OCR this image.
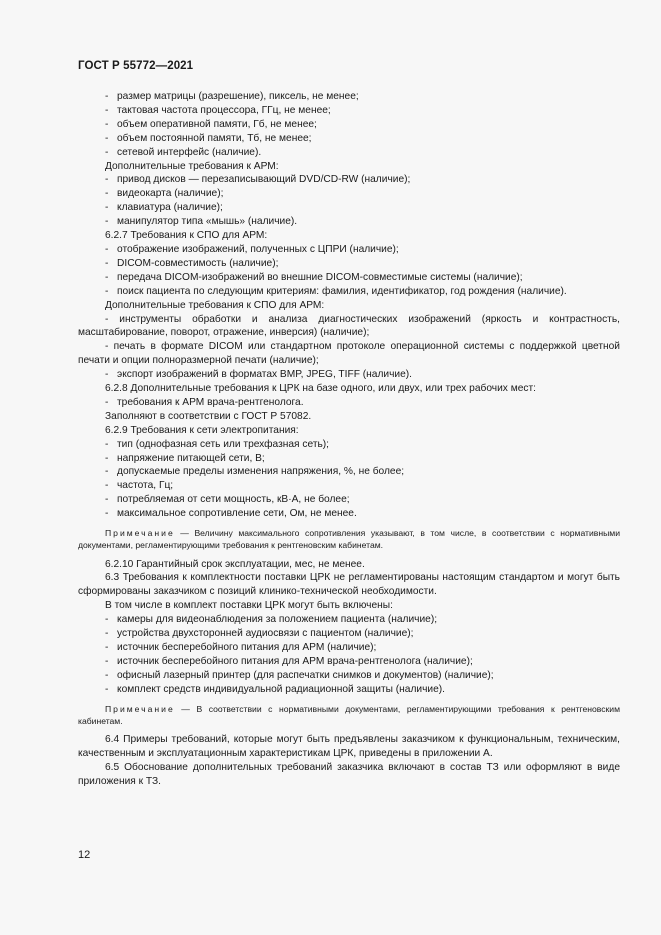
ГОСТ Р 55772—2021
- размер матрицы (разрешение), пиксель, не менее;
- тактовая частота процессора, ГГц, не менее;
- объем оперативной памяти, Гб, не менее;
- объем постоянной памяти, Тб, не менее;
- сетевой интерфейс (наличие).

Дополнительные требования к АРМ:

- привод дисков — перезаписывающий DVD/CD-RW (наличие);
- видеокарта (наличие);
- клавиатура (наличие);
- манипулятор типа «мышь» (наличие).

6.2.7 Требования к СПО для АРМ:

- отображение изображений, полученных с ЦПРИ (наличие);
- DICOM-совместимость (наличие);
- передача DICOM-изображений во внешние DICOM-совместимые системы (наличие);
- поиск пациента по следующим критериям: фамилия, идентификатор, год рождения (наличие).

Дополнительные требования к СПО для АРМ:

- инструменты обработки и анализа диагностических изображений (яркость и контрастность, масштабирование, поворот, отражение, инверсия) (наличие);

- печать в формате DICOM или стандартном протоколе операционной системы с поддержкой цветной печати и опции полноразмерной печати (наличие);

- экспорт изображений в форматах BMP, JPEG, TIFF (наличие).

6.2.8 Дополнительные требования к ЦРК на базе одного, или двух, или трех рабочих мест:

- требования к АРМ врача-рентгенолога.

Заполняют в соответствии с ГОСТ Р 57082.

6.2.9 Требования к сети электропитания:

- тип (однофазная сеть или трехфазная сеть);
- напряжение питающей сети, В;
- допускаемые пределы изменения напряжения, %, не более;
- частота, Гц;
- потребляемая от сети мощность, кВ·А, не более;
- максимальное сопротивление сети, Ом, не менее.

Примечание — Величину максимального сопротивления указывают, в том числе, в соответствии с нормативными документами, регламентирующими требования к рентгеновским кабинетам.

6.2.10 Гарантийный срок эксплуатации, мес, не менее.

6.3 Требования к комплектности поставки ЦРК не регламентированы настоящим стандартом и могут быть сформированы заказчиком с позиций клинико-технической необходимости.

В том числе в комплект поставки ЦРК могут быть включены:

- камеры для видеонаблюдения за положением пациента (наличие);
- устройства двухсторонней аудиосвязи с пациентом (наличие);
- источник бесперебойного питания для АРМ (наличие);
- источник бесперебойного питания для АРМ врача-рентгенолога (наличие);
- офисный лазерный принтер (для распечатки снимков и документов) (наличие);
- комплект средств индивидуальной радиационной защиты (наличие).

Примечание — В соответствии с нормативными документами, регламентирующими требования к рентгеновским кабинетам.

6.4 Примеры требований, которые могут быть предъявлены заказчиком к функциональным, техническим, качественным и эксплуатационным характеристикам ЦРК, приведены в приложении А.

6.5 Обоснование дополнительных требований заказчика включают в состав ТЗ или оформляют в виде приложения к ТЗ.

12
